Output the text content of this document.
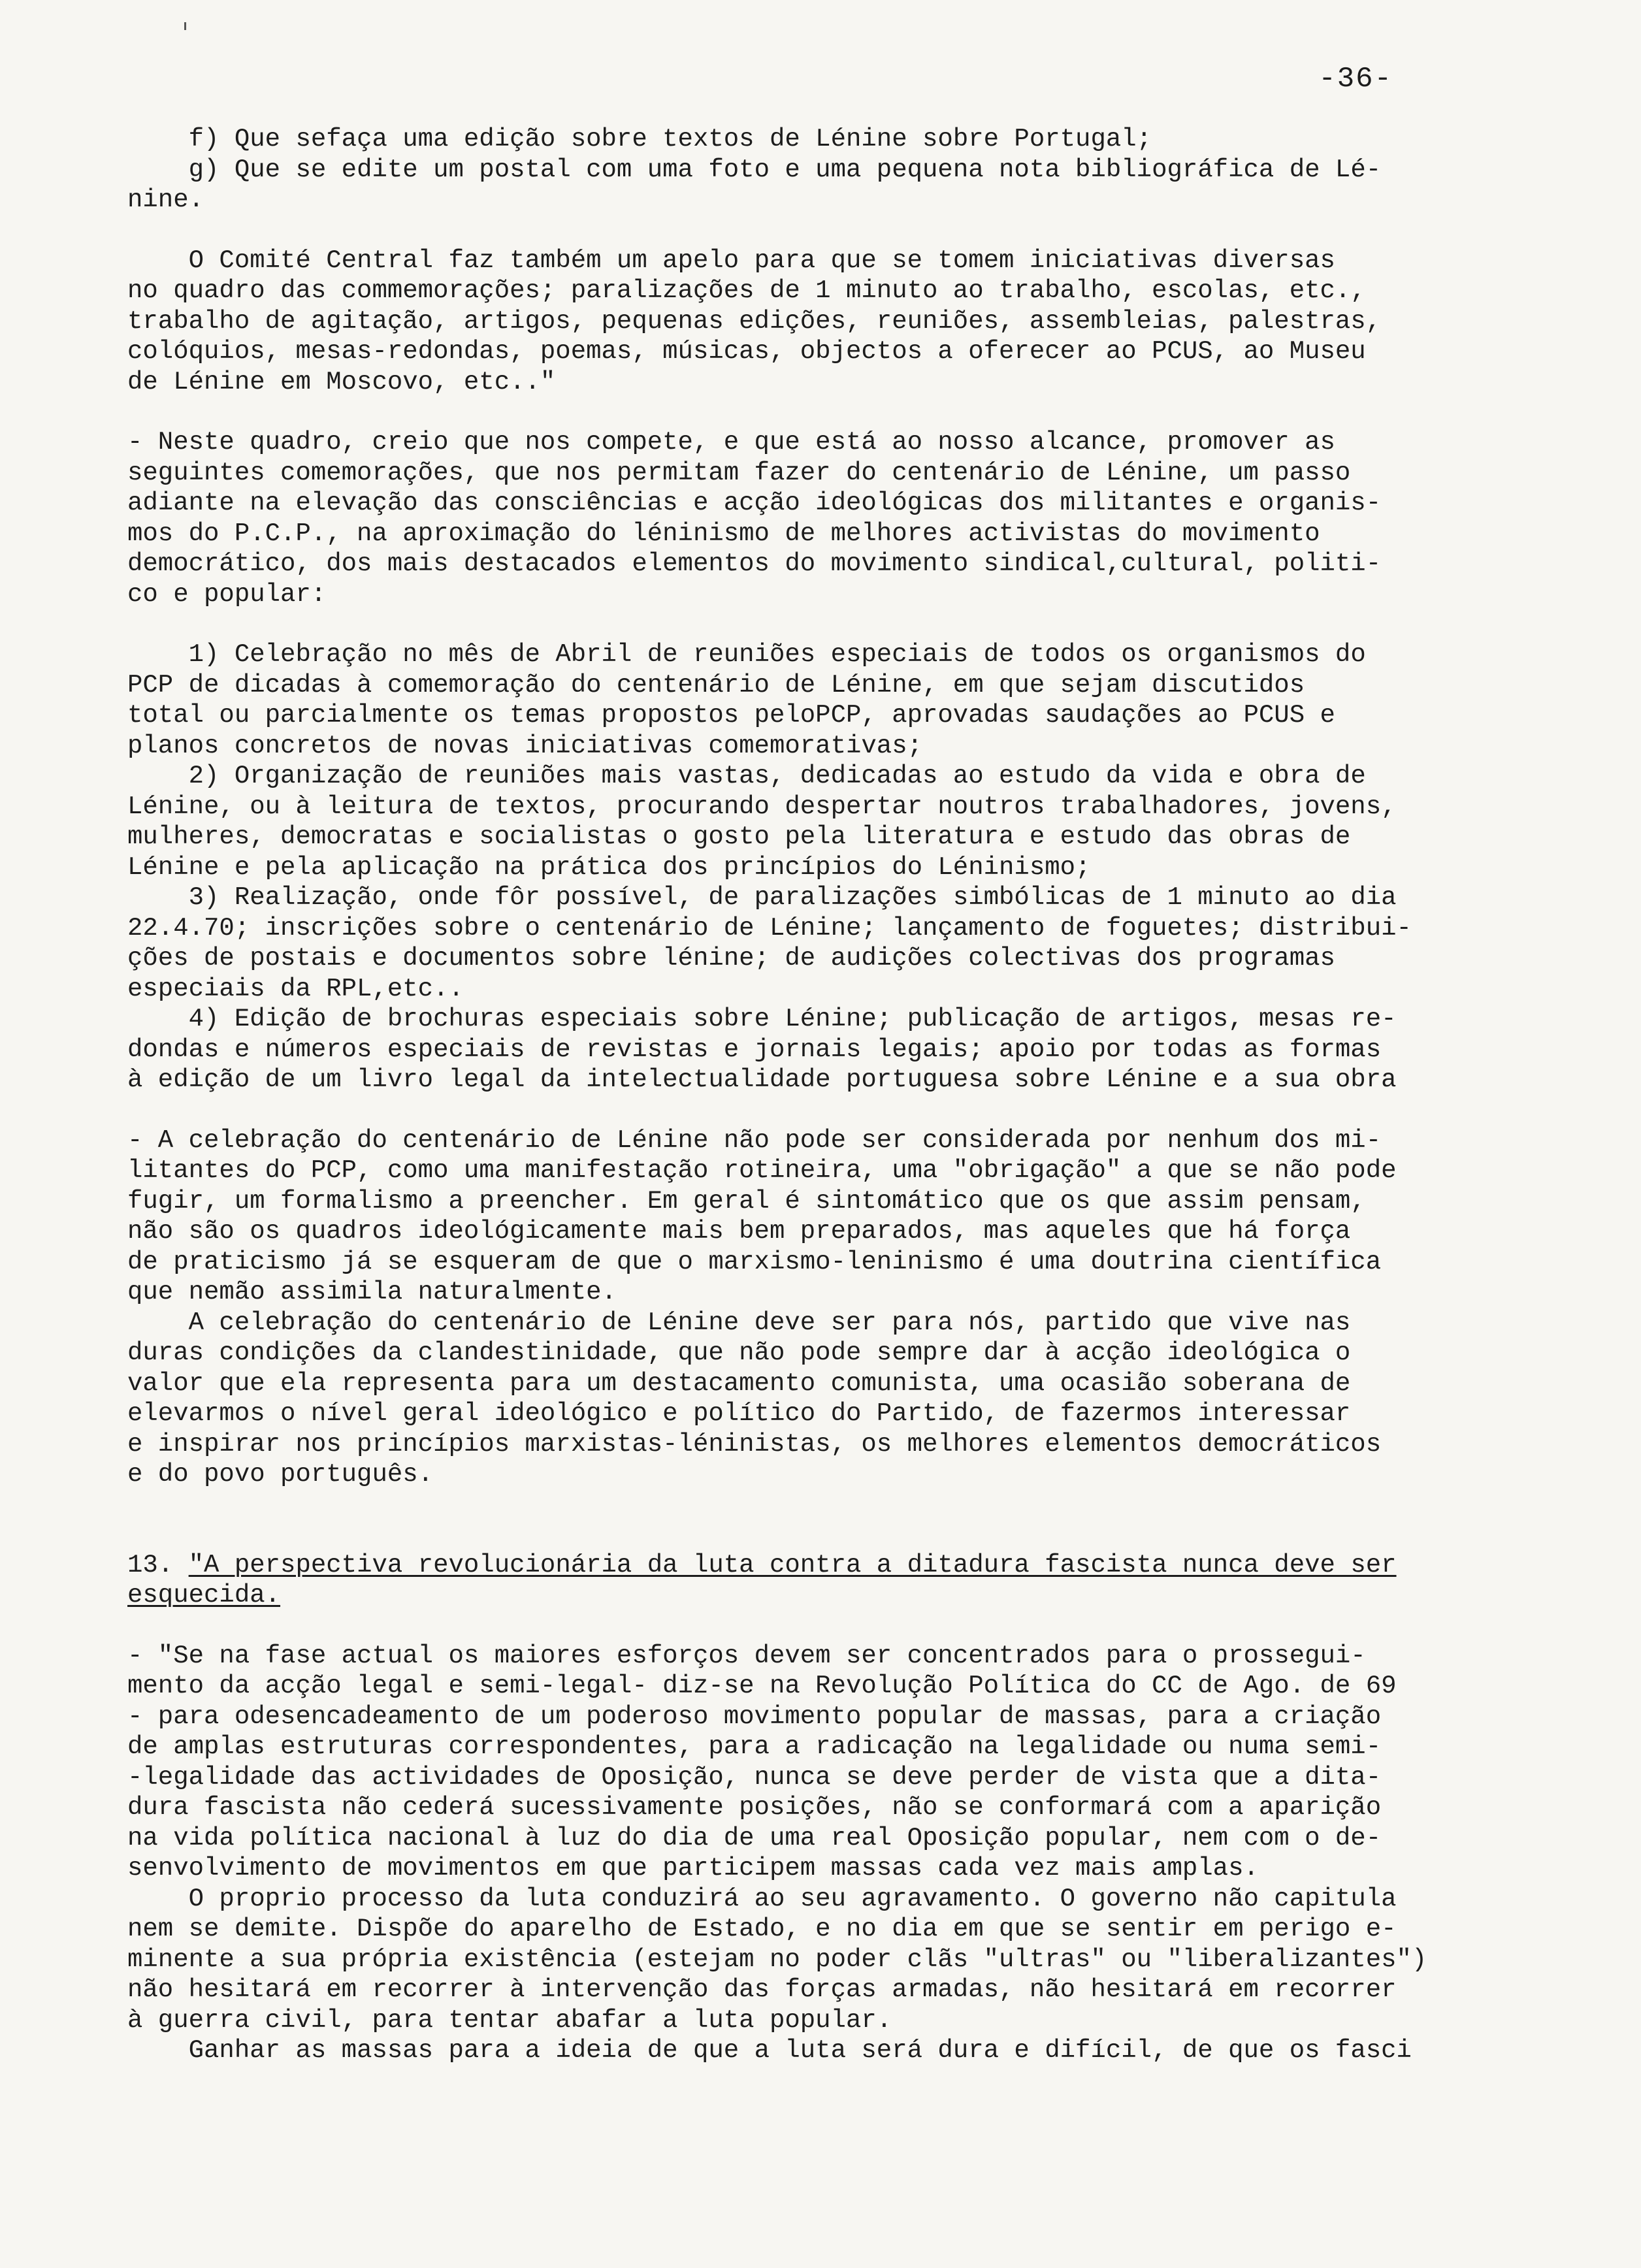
-36-

f) Que sefaça uma edição sobre textos de Lénine sobre Portugal;

g) Que se edite um postal com uma foto e uma pequena nota bibliográfica de Lé-

nine.

O Comité Central faz também um apelo para que se tomem iniciativas diversas

no quadro das commemorações; paralizações de 1 minuto ao trabalho, escolas, etc.,

trabalho de agitação, artigos, pequenas edições, reuniões, assembleias, palestras,

colóquios, mesas-redondas, poemas, músicas, objectos a oferecer ao PCUS, ao Museu

de Lénine em Moscovo, etc.."

- Neste quadro, creio que nos compete, e que está ao nosso alcance, promover as

seguintes comemorações, que nos permitam fazer do centenário de Lénine, um passo

adiante na elevação das consciências e acção ideológicas dos militantes e organis-

mos do P.C.P., na aproximação do léninismo de melhores activistas do movimento

democrático, dos mais destacados elementos do movimento sindical,cultural, politi-

co e popular:

1) Celebração no mês de Abril de reuniões especiais de todos os organismos do

PCP de dicadas à comemoração do centenário de Lénine, em que sejam discutidos

total ou parcialmente os temas propostos peloPCP, aprovadas saudações ao PCUS e

planos concretos de novas iniciativas comemorativas;

2) Organização de reuniões mais vastas, dedicadas ao estudo da vida e obra de

Lénine, ou à leitura de textos, procurando despertar noutros trabalhadores, jovens,

mulheres, democratas e socialistas o gosto pela literatura e estudo das obras de

Lénine e pela aplicação na prática dos princípios do Léninismo;

3) Realização, onde fôr possível, de paralizações simbólicas de 1 minuto ao dia

22.4.70; inscrições sobre o centenário de Lénine; lançamento de foguetes; distribui-

ções de postais e documentos sobre lénine; de audições colectivas dos programas

especiais da RPL,etc..

4) Edição de brochuras especiais sobre Lénine; publicação de artigos, mesas re-

dondas e números especiais de revistas e jornais legais; apoio por todas as formas

à edição de um livro legal da intelectualidade portuguesa sobre Lénine e a sua obra

- A celebração do centenário de Lénine não pode ser considerada por nenhum dos mi-

litantes do PCP, como uma manifestação rotineira, uma "obrigação" a que se não pode

fugir, um formalismo a preencher. Em geral é sintomático que os que assim pensam,

não são os quadros ideológicamente mais bem preparados, mas aqueles que há força

de praticismo já se esqueram de que o marxismo-leninismo é uma doutrina científica

que nemão assimila naturalmente.

A celebração do centenário de Lénine deve ser para nós, partido que vive nas

duras condições da clandestinidade, que não pode sempre dar à acção ideológica o

valor que ela representa para um destacamento comunista, uma ocasião soberana de

elevarmos o nível geral ideológico e político do Partido, de fazermos interessar

e inspirar nos princípios marxistas-léninistas, os melhores elementos democráticos

e do povo português.

13. "A perspectiva revolucionária da luta contra a ditadura fascista nunca deve ser

esquecida.

- "Se na fase actual os maiores esforços devem ser concentrados para o prossegui-

mento da acção legal e semi-legal- diz-se na Revolução Política do CC de Ago. de 69

- para odesencadeamento de um poderoso movimento popular de massas, para a criação

de amplas estruturas correspondentes, para a radicação na legalidade ou numa semi-

-legalidade das actividades de Oposição, nunca se deve perder de vista que a dita-

dura fascista não cederá sucessivamente posições, não se conformará com a aparição

na vida política nacional à luz do dia de uma real Oposição popular, nem com o de-

senvolvimento de movimentos em que participem massas cada vez mais amplas.

O proprio processo da luta conduzirá ao seu agravamento. O governo não capitula

nem se demite. Dispõe do aparelho de Estado, e no dia em que se sentir em perigo e-

minente a sua própria existência (estejam no poder clãs "ultras" ou "liberalizantes")

não hesitará em recorrer à intervenção das forças armadas, não hesitará em recorrer

à guerra civil, para tentar abafar a luta popular.

Ganhar as massas para a ideia de que a luta será dura e difícil, de que os fasci
